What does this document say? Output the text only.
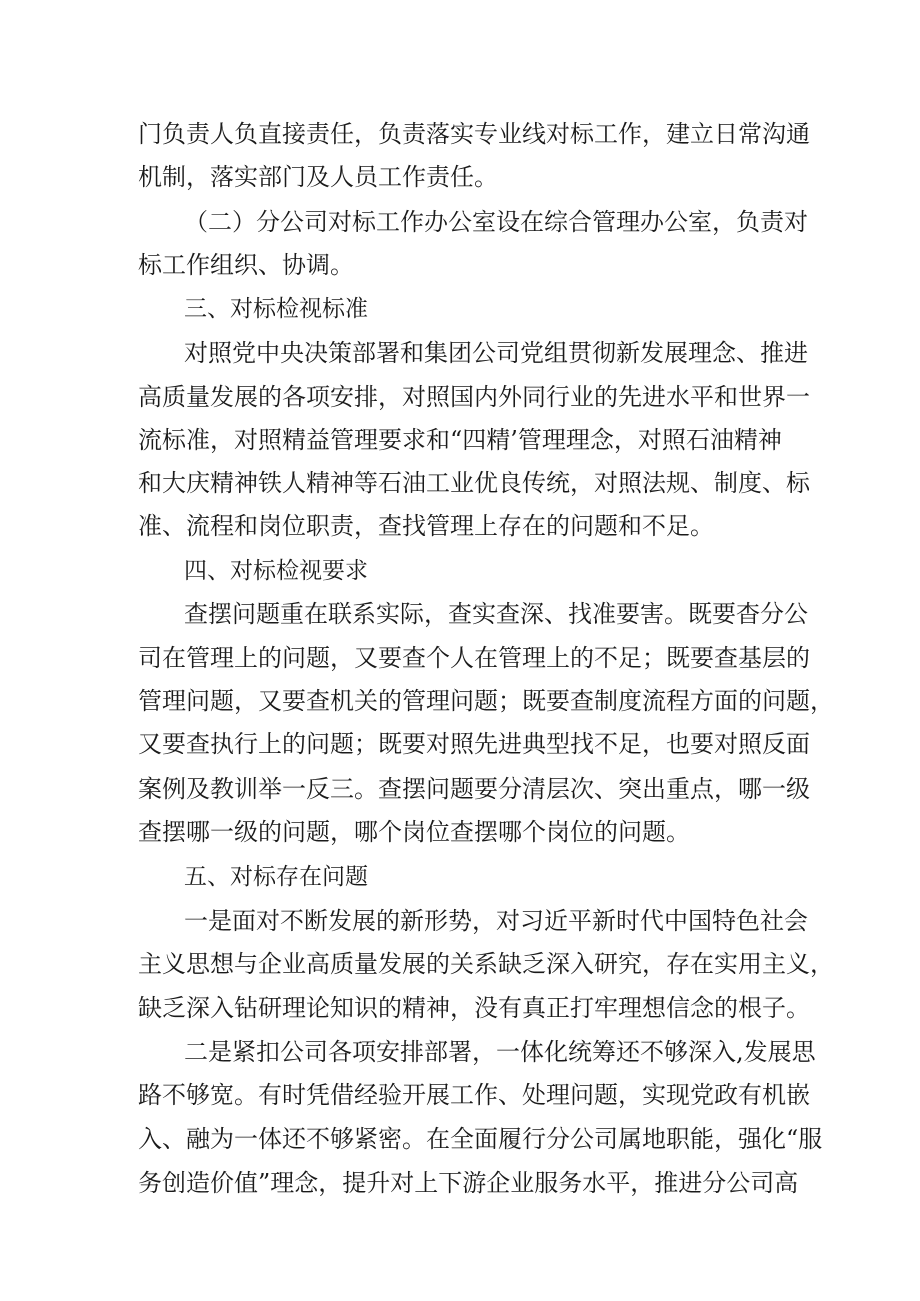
门负责人负直接责任，负责落实专业线对标工作，建立日常沟通
机制，落实部门及人员工作责任。
（二）分公司对标工作办公室设在综合管理办公室，负责对
标工作组织、协调。
三、对标检视标准
对照党中央决策部署和集团公司党组贯彻新发展理念、推进
高质量发展的各项安排，对照国内外同行业的先进水平和世界一
流标准，对照精益管理要求和“四精’管理理念，对照石油精神
和大庆精神铁人精神等石油工业优良传统，对照法规、制度、标
准、流程和岗位职责，查找管理上存在的问题和不足。
四、对标检视要求
查摆问题重在联系实际，查实查深、找准要害。既要杳分公
司在管理上的问题，又要查个人在管理上的不足；既要查基层的
管理问题，又要查机关的管理问题；既要查制度流程方面的问题，
又要查执行上的问题；既要对照先进典型找不足，也要对照反面
案例及教训举一反三。查摆问题要分清层次、突出重点，哪一级
查摆哪一级的问题，哪个岗位查摆哪个岗位的问题。
五、对标存在问题
一是面对不断发展的新形势，对习近平新时代中国特色社会
主义思想与企业高质量发展的关系缺乏深入研究，存在实用主义，
缺乏深入钻研理论知识的精神，没有真正打牢理想信念的根子。
二是紧扣公司各项安排部署，一体化统筹还不够深入,发展思
路不够宽。有时凭借经验开展工作、处理问题，实现党政有机嵌
入、融为一体还不够紧密。在全面履行分公司属地职能，强化“服
务创造价值”理念，提升对上下游企业服务水平，推进分公司高
